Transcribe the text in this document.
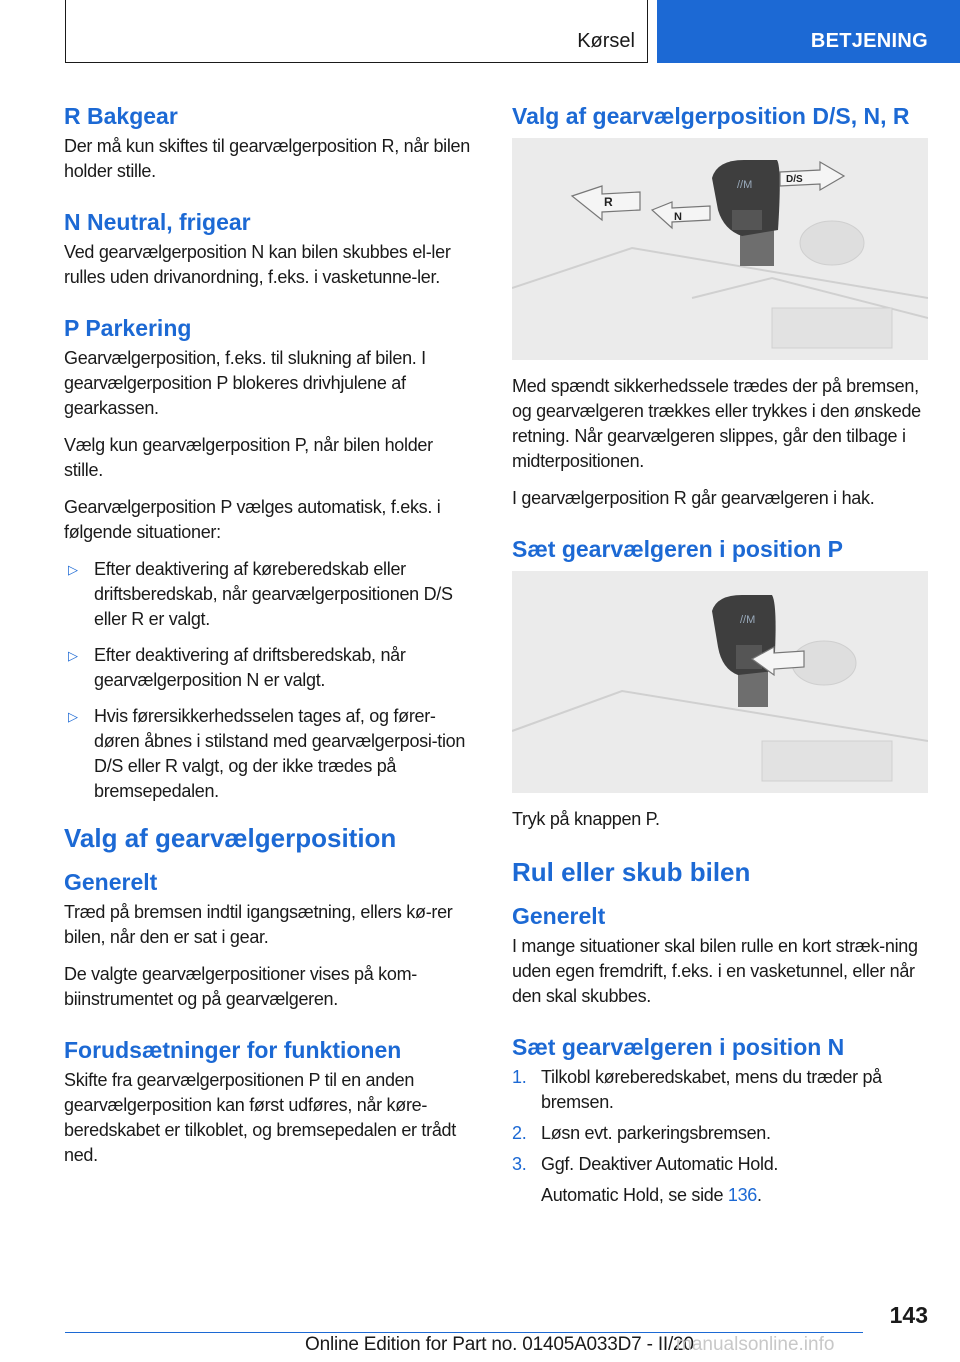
Kørsel	BETJENING
R Bakgear

Der må kun skiftes til gearvælgerposition R, når bilen holder stille.

N Neutral, frigear

Ved gearvælgerposition N kan bilen skubbes el-ler rulles uden drivanordning, f.eks. i vasketunne-ler.

P Parkering

Gearvælgerposition, f.eks. til slukning af bilen. I gearvælgerposition P blokeres drivhjulene af gearkassen.

Vælg kun gearvælgerposition P, når bilen holder stille.

Gearvælgerposition P vælges automatisk, f.eks. i følgende situationer:

▷ Efter deaktivering af køreberedskab eller driftsberedskab, når gearvælgerpositionen D/S eller R er valgt.
▷ Efter deaktivering af driftsberedskab, når gearvælgerposition N er valgt.
▷ Hvis førersikkerhedsselen tages af, og fører-døren åbnes i stilstand med gearvælgerposi-tion D/S eller R valgt, og der ikke trædes på bremsepedalen.
Valg af gearvælgerposition
Generelt

Træd på bremsen indtil igangsætning, ellers kø-rer bilen, når den er sat i gear.

De valgte gearvælgerpositioner vises på kom-biinstrumentet og på gearvælgeren.

Forudsætninger for funktionen

Skifte fra gearvælgerpositionen P til en anden gearvælgerposition kan først udføres, når køre-beredskabet er tilkoblet, og bremsepedalen er trådt ned.

Valg af gearvælgerposition D/S, N, R
//M
R
N
D/S

Med spændt sikkerhedssele trædes der på bremsen, og gearvælgeren trækkes eller trykkes i den ønskede retning. Når gearvælgeren slippes, går den tilbage i midterpositionen.

I gearvælgerposition R går gearvælgeren i hak.

Sæt gearvælgeren i position P
//M

Tryk på knappen P.

Rul eller skub bilen
Generelt

I mange situationer skal bilen rulle en kort stræk-ning uden egen fremdrift, f.eks. i en vasketunnel, eller når den skal skubbes.

Sæt gearvælgeren i position N
1. Tilkobl køreberedskabet, mens du træder på bremsen.
2. Løsn evt. parkeringsbremsen.
3. Ggf. Deaktiver Automatic Hold.
Automatic Hold, se side 136.
143
Online Edition for Part no. 01405A033D7 - II/20
manualsonline.info
